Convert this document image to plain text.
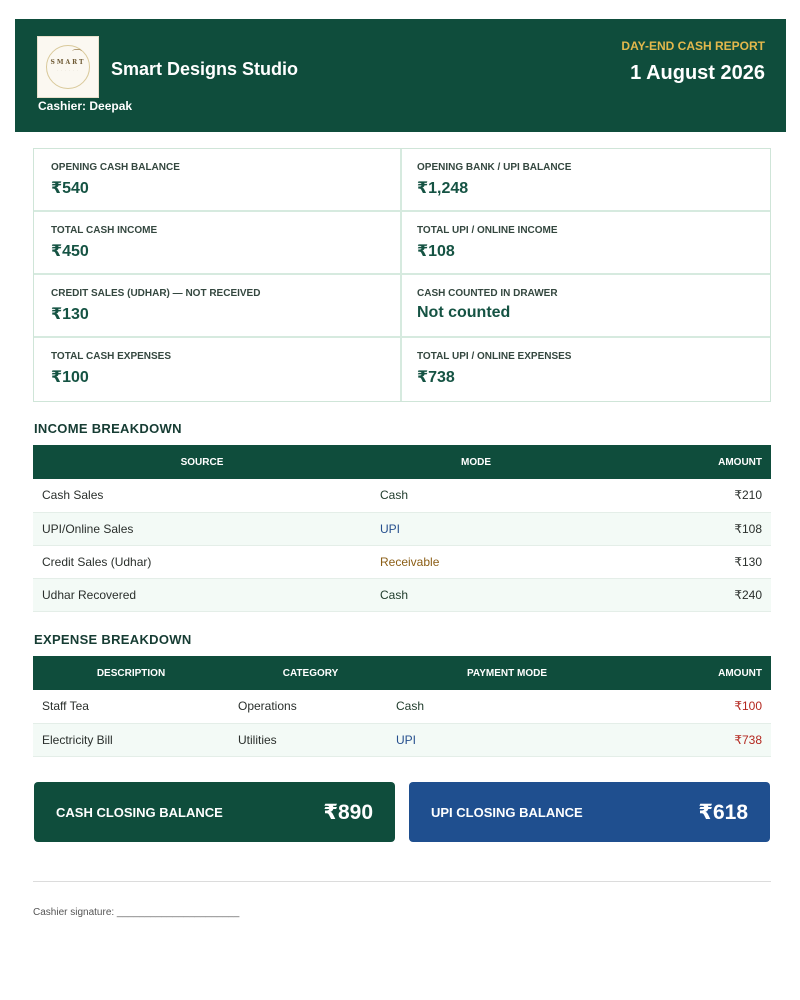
⌒
SMART
· · · · · ·	Smart Designs Studio
Cashier: Deepak
DAY-END CASH REPORT
1 August 2026
OPENING CASH BALANCE
₹540
OPENING BANK / UPI BALANCE
₹1,248
TOTAL CASH INCOME
₹450
TOTAL UPI / ONLINE INCOME
₹108
CREDIT SALES (UDHAR) — NOT RECEIVED
₹130
CASH COUNTED IN DRAWER
Not counted
TOTAL CASH EXPENSES
₹100
TOTAL UPI / ONLINE EXPENSES
₹738
INCOME BREAKDOWN
SOURCE	MODE	AMOUNT
Cash Sales	Cash	₹210
UPI/Online Sales	UPI	₹108
Credit Sales (Udhar)	Receivable	₹130
Udhar Recovered	Cash	₹240
EXPENSE BREAKDOWN
DESCRIPTION	CATEGORY	PAYMENT MODE	AMOUNT
Staff Tea	Operations	Cash	₹100
Electricity Bill	Utilities	UPI	₹738
CASH CLOSING BALANCE	₹890	UPI CLOSING BALANCE	₹618
Cashier signature: ______________________
